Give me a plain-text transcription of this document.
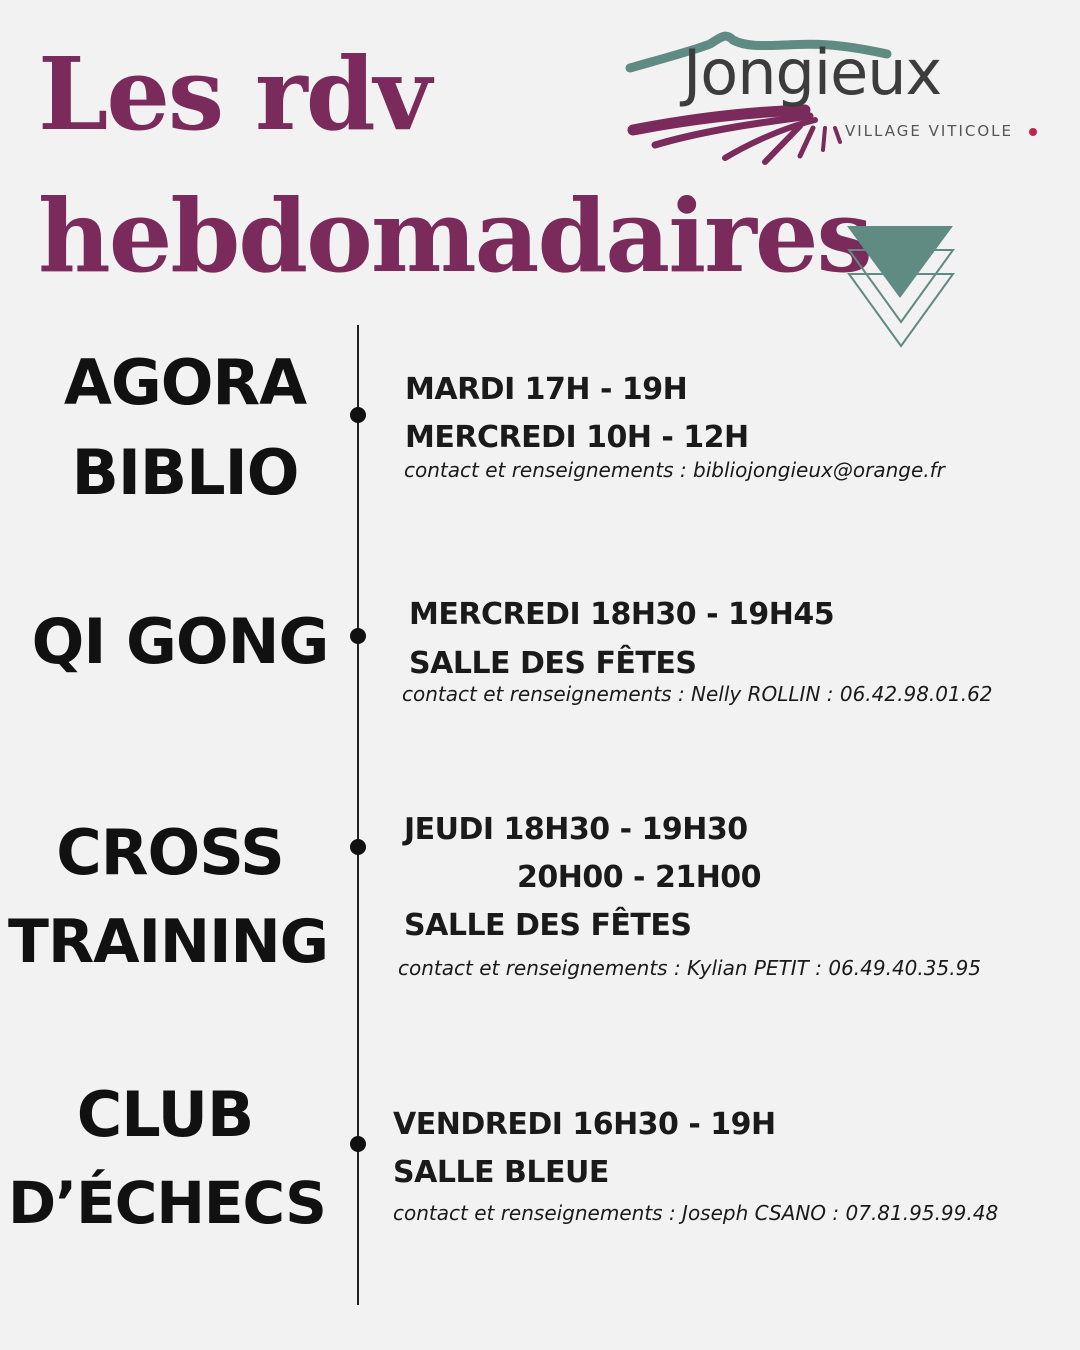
Les rdv
hebdomadaires
Jongieux
VILLAGE VITICOLE
AGORA
BIBLIO
MARDI 17H - 19H
MERCREDI 10H - 12H
contact et renseignements : bibliojongieux@orange.fr
QI GONG	MERCREDI 18H30 - 19H45
SALLE DES FÊTES
contact et renseignements : Nelly ROLLIN : 06.42.98.01.62
CROSS
TRAINING
JEUDI 18H30 - 19H30
20H00 - 21H00
SALLE DES FÊTES
contact et renseignements : Kylian PETIT : 06.49.40.35.95
CLUB
D’ÉCHECS
VENDREDI 16H30 - 19H
SALLE BLEUE
contact et renseignements : Joseph CSANO : 07.81.95.99.48
